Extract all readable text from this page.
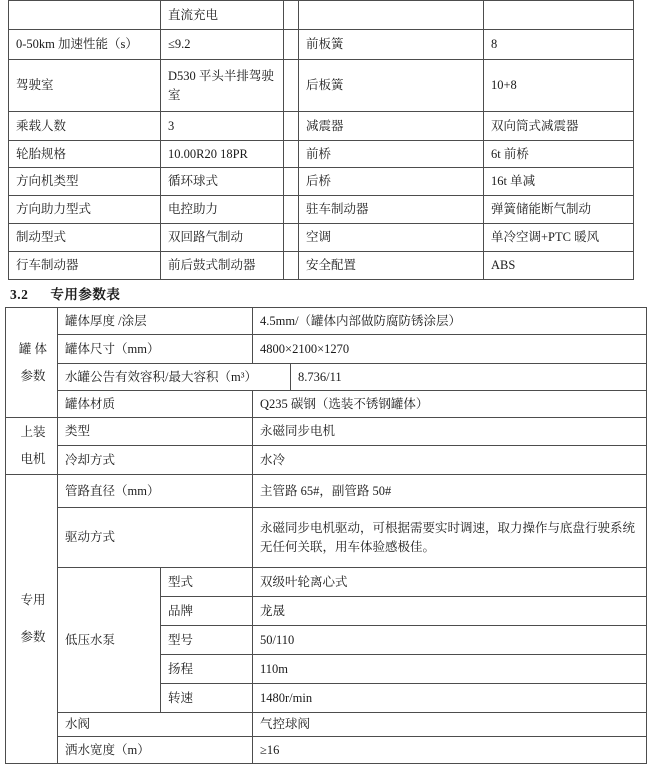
	直流充电			
0-50km 加速性能（s）	≤9.2		前板簧	8
驾驶室	D530 平头半排驾驶室		后板簧	10+8
乘载人数	3		减震器	双向筒式减震器
轮胎规格	10.00R20 18PR		前桥	6t 前桥
方向机类型	循环球式		后桥	16t 单减
方向助力型式	电控助力		驻车制动器	弹簧储能断气制动
制动型式	双回路气制动		空调	单冷空调+PTC 暖风
行车制动器	前后鼓式制动器		安全配置	ABS
3.2 专用参数表
罐 体
参数	罐体厚度 /涂层		4.5mm/（罐体内部做防腐防锈涂层）	
	罐体尺寸（mm）		4800×2100×1270	
	水罐公告有效容积/最大容积（m³）			8.736/11
	罐体材质		Q235 碳钢（选装不锈钢罐体）	

上装
电机	类型		永磁同步电机	
	冷却方式		水冷	

专用
参数	管路直径（mm）		主管路 65#，副管路 50#	
	驱动方式		永磁同步电机驱动，可根据需要实时调速，取力操作与底盘行驶系统无任何关联，用车体验感极佳。	
	低压水泵	型式	双级叶轮离心式	
		品牌	龙晟	
		型号	50/110	
		扬程	110m	
		转速	1480r/min	
	水阀		气控球阀	
	洒水宽度（m）		≥16	
